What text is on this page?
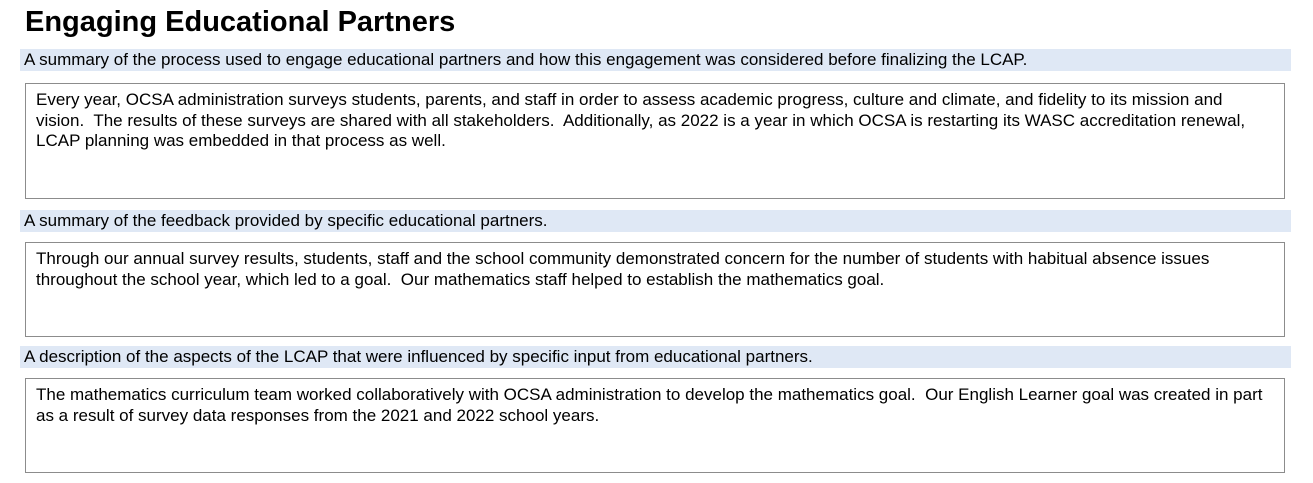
Engaging Educational Partners
A summary of the process used to engage educational partners and how this engagement was considered before finalizing the LCAP.

Every year, OCSA administration surveys students, parents, and staff in order to assess academic progress, culture and climate, and fidelity to its mission and vision.  The results of these surveys are shared with all stakeholders.  Additionally, as 2022 is a year in which OCSA is restarting its WASC accreditation renewal, LCAP planning was embedded in that process as well.

A summary of the feedback provided by specific educational partners.

Through our annual survey results, students, staff and the school community demonstrated concern for the number of students with habitual absence issues throughout the school year, which led to a goal.  Our mathematics staff helped to establish the mathematics goal.

A description of the aspects of the LCAP that were influenced by specific input from educational partners.

The mathematics curriculum team worked collaboratively with OCSA administration to develop the mathematics goal.  Our English Learner goal was created in part as a result of survey data responses from the 2021 and 2022 school years.
